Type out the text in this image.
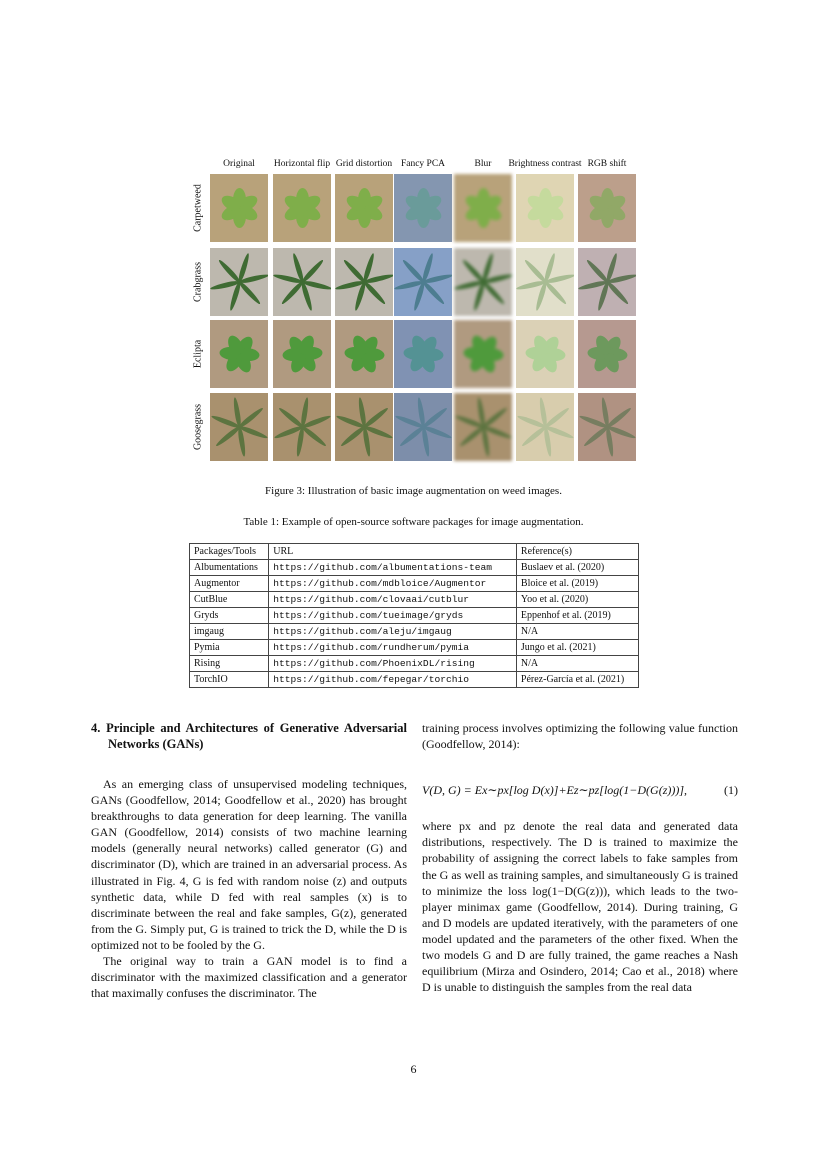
Original	Horizontal flip Grid distortion Fancy PCA	Blur	Brightness contrast RGB shift
Carpetweed
Crabgrass
Eclipta
Goosegrass
Figure 3: Illustration of basic image augmentation on weed images.
Table 1: Example of open-source software packages for image augmentation.
Packages/Tools	URL	Reference(s)
Albumentations	https://github.com/albumentations-team	Buslaev et al. (2020)
Augmentor	https://github.com/mdbloice/Augmentor	Bloice et al. (2019)
CutBlue	https://github.com/clovaai/cutblur	Yoo et al. (2020)
Gryds	https://github.com/tueimage/gryds	Eppenhof et al. (2019)
imgaug	https://github.com/aleju/imgaug	N/A
Pymia	https://github.com/rundherum/pymia	Jungo et al. (2021)
Rising	https://github.com/PhoenixDL/rising	N/A
TorchIO	https://github.com/fepegar/torchio	Pérez-García et al. (2021)
4. Principle and Architectures of Generative Adversarial Networks (GANs)

As an emerging class of unsupervised modeling techniques, GANs (Goodfellow, 2014; Goodfellow et al., 2020) has brought breakthroughs to data generation for deep learning. The vanilla GAN (Goodfellow, 2014) consists of two machine learning models (generally neural networks) called generator (G) and discriminator (D), which are trained in an adversarial process. As illustrated in Fig. 4, G is fed with random noise (z) and outputs synthetic data, while D fed with real samples (x) is to discriminate between the real and fake samples, G(z), generated from the G. Simply put, G is trained to trick the D, while the D is optimized not to be fooled by the G.

The original way to train a GAN model is to find a discriminator with the maximized classification and a generator that maximally confuses the discriminator. The

training process involves optimizing the following value function (Goodfellow, 2014):

V(D, G) = Ex∼px[log D(x)]+Ez∼pz[log(1−D(G(z)))],	(1)

where px and pz denote the real data and generated data distributions, respectively. The D is trained to maximize the probability of assigning the correct labels to fake samples from the G as well as training samples, and simultaneously G is trained to minimize the loss log(1−D(G(z))), which leads to the two-player minimax game (Goodfellow, 2014). During training, G and D models are updated iteratively, with the parameters of one model updated and the parameters of the other fixed. When the two models G and D are fully trained, the game reaches a Nash equilibrium (Mirza and Osindero, 2014; Cao et al., 2018) where D is unable to distinguish the samples from the real data

6
